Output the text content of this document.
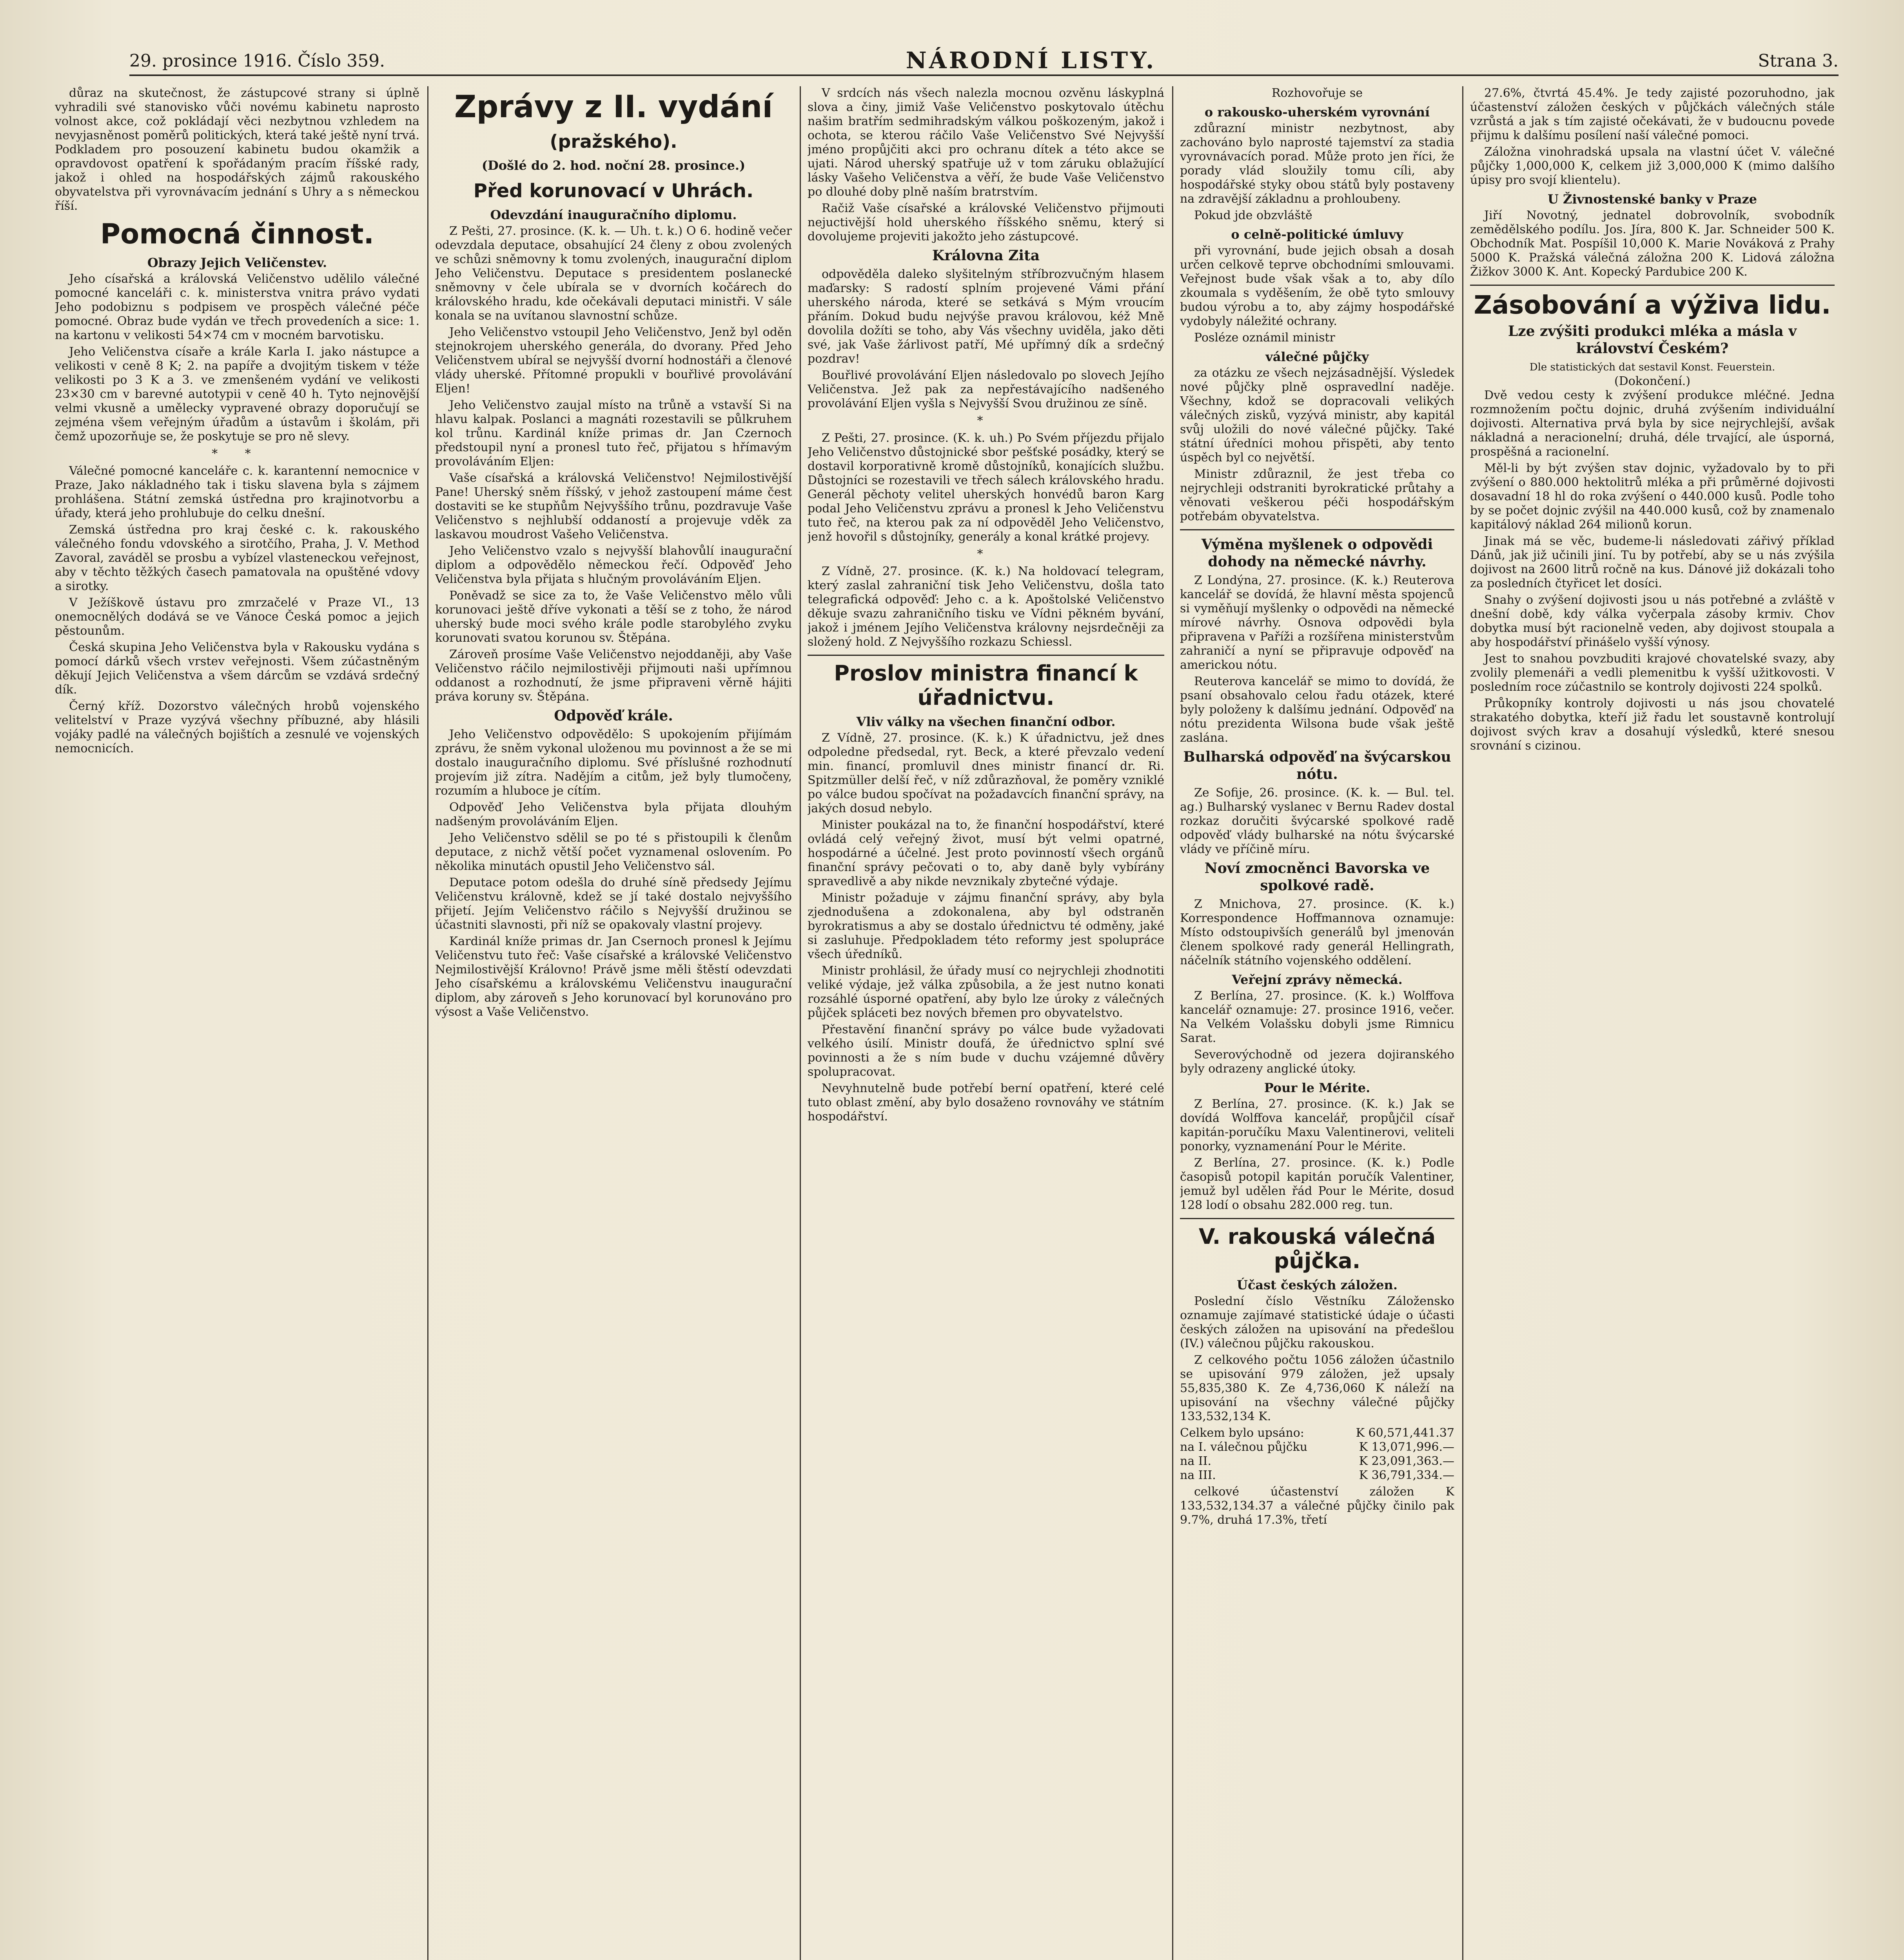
29. prosince 1916. Číslo 359.	NÁRODNÍ LISTY.	Strana 3.

důraz na skutečnost, že zástupcové strany si úplně vyhradili své stanovisko vůči novému kabinetu naprosto volnost akce, což pokládají věci nezbytnou vzhledem na nevyjasněnost poměrů politických, která také ještě nyní trvá. Podkladem pro posouzení kabinetu budou okamžik a opravdovost opatření k spořádaným pracím říšské rady, jakož i ohled na hospodářských zájmů rakouského obyvatelstva při vyrovnávacím jednání s Uhry a s německou říší.

Pomocná činnost.
Obrazy Jejich Veličenstev.

Jeho císařská a královská Veličenstvo udělilo válečné pomocné kanceláři c. k. ministerstva vnitra právo vydati Jeho podobiznu s podpisem ve prospěch válečné péče pomocné. Obraz bude vydán ve třech provedeních a sice: 1. na kartonu v velikosti 54×74 cm v mocném barvotisku.

Jeho Veličenstva císaře a krále Karla I. jako nástupce a velikosti v ceně 8 K; 2. na papíře a dvojitým tiskem v téže velikosti po 3 K a 3. ve zmenšeném vydání ve velikosti 23×30 cm v barevné autotypii v ceně 40 h. Tyto nejnovější velmi vkusně a umělecky vypravené obrazy doporučují se zejména všem veřejným úřadům a ústavům i školám, při čemž upozorňuje se, že poskytuje se pro ně slevy.

* *

Válečné pomocné kanceláře c. k. karantenní nemocnice v Praze, Jako nákladného tak i tisku slavena byla s zájmem prohlášena. Státní zemská ústředna pro krajinotvorbu a úřady, která jeho prohlubuje do celku dnešní.

Zemská ústředna pro kraj české c. k. rakouského válečného fondu vdovského a sirotčího, Praha, J. V. Method Zavoral, zaváděl se prosbu a vybízel vlasteneckou veřejnost, aby v těchto těžkých časech pamatovala na opuštěné vdovy a sirotky.

V Ježíškově ústavu pro zmrzačelé v Praze VI., 13 onemocnělých dodává se ve Vánoce Česká pomoc a jejich pěstounům.

Česká skupina Jeho Veličenstva byla v Rakousku vydána s pomocí dárků všech vrstev veřejnosti. Všem zúčastněným děkují Jejich Veličenstva a všem dárcům se vzdává srdečný dík.

Černý kříž. Dozorstvo válečných hrobů vojenského velitelství v Praze vyzývá všechny příbuzné, aby hlásili vojáky padlé na válečných bojištích a zesnulé ve vojenských nemocnicích.

Zprávy z II. vydání
(pražského).
(Došlé do 2. hod. noční 28. prosince.)
Před korunovací v Uhrách.
Odevzdání inauguračního diplomu.

Z Pešti, 27. prosince. (K. k. — Uh. t. k.) O 6. hodině večer odevzdala deputace, obsahující 24 členy z obou zvolených ve schůzi sněmovny k tomu zvolených, inaugurační diplom Jeho Veličenstvu. Deputace s presidentem poslanecké sněmovny v čele ubírala se v dvorních kočárech do královského hradu, kde očekávali deputaci ministři. V sále konala se na uvítanou slavnostní schůze.

Jeho Veličenstvo vstoupil Jeho Veličenstvo, Jenž byl oděn stejnokrojem uherského generála, do dvorany. Před Jeho Veličenstvem ubíral se nejvyšší dvorní hodnostáři a členové vlády uherské. Přítomné propukli v bouřlivé provolávání Eljen!

Jeho Veličenstvo zaujal místo na trůně a vstavší Si na hlavu kalpak. Poslanci a magnáti rozestavili se půlkruhem kol trůnu. Kardinál kníže primas dr. Jan Czernoch předstoupil nyní a pronesl tuto řeč, přijatou s hřímavým provoláváním Eljen:

Vaše císařská a královská Veličenstvo! Nejmilostivější Pane! Uherský sněm říšský, v jehož zastoupení máme čest dostaviti se ke stupňům Nejvyššího trůnu, pozdravuje Vaše Veličenstvo s nejhlubší oddaností a projevuje vděk za laskavou moudrost Vašeho Veličenstva.

Jeho Veličenstvo vzalo s nejvyšší blahovůlí inaugurační diplom a odpovědělo německou řečí. Odpověď Jeho Veličenstva byla přijata s hlučným provoláváním Eljen.

Poněvadž se sice za to, že Vaše Veličenstvo mělo vůli korunovaci ještě dříve vykonati a těší se z toho, že národ uherský bude moci svého krále podle starobylého zvyku korunovati svatou korunou sv. Štěpána.

Zároveň prosíme Vaše Veličenstvo nejoddaněji, aby Vaše Veličenstvo ráčilo nejmilostivěji přijmouti naši upřímnou oddanost a rozhodnutí, že jsme připraveni věrně hájiti práva koruny sv. Štěpána.

Odpověď krále.

Jeho Veličenstvo odpovědělo: S upokojením přijímám zprávu, že sněm vykonal uloženou mu povinnost a že se mi dostalo inauguračního diplomu. Své příslušné rozhodnutí projevím již zítra. Nadějím a citům, jež byly tlumočeny, rozumím a hluboce je cítím.

Odpověď Jeho Veličenstva byla přijata dlouhým nadšeným provoláváním Eljen.

Jeho Veličenstvo sdělil se po té s přistoupili k členům deputace, z nichž větší počet vyznamenal oslovením. Po několika minutách opustil Jeho Veličenstvo sál.

Deputace potom odešla do druhé síně předsedy Jejímu Veličenstvu královně, kdež se jí také dostalo nejvyššího přijetí. Jejím Veličenstvo ráčilo s Nejvyšší družinou se účastniti slavnosti, při níž se opakovaly vlastní projevy.

Kardinál kníže primas dr. Jan Csernoch pronesl k Jejímu Veličenstvu tuto řeč: Vaše císařské a královské Veličenstvo Nejmilostivější Královno! Právě jsme měli štěstí odevzdati Jeho císařskému a královskému Veličenstvu inaugurační diplom, aby zároveň s Jeho korunovací byl korunováno pro výsost a Vaše Veličenstvo.

V srdcích nás všech nalezla mocnou ozvěnu láskyplná slova a činy, jimiž Vaše Veličenstvo poskytovalo útěchu našim bratřím sedmihradským válkou poškozeným, jakož i ochota, se kterou ráčilo Vaše Veličenstvo Své Nejvyšší jméno propůjčiti akci pro ochranu dítek a této akce se ujati. Národ uherský spatřuje už v tom záruku oblažující lásky Vašeho Veličenstva a věří, že bude Vaše Veličenstvo po dlouhé doby plně naším bratrstvím.

Račiž Vaše císařské a královské Veličenstvo přijmouti nejuctivější hold uherského říšského sněmu, který si dovolujeme projeviti jakožto jeho zástupcové.

Královna Zita

odpověděla daleko slyšitelným stříbrozvučným hlasem maďarsky: S radostí splním projevené Vámi přání uherského národa, které se setkává s Mým vroucím přáním. Dokud budu nejvýše pravou královou, kéž Mně dovolila dožíti se toho, aby Vás všechny uviděla, jako děti své, jak Vaše žárlivost patří, Mé upřímný dík a srdečný pozdrav!

Bouřlivé provolávání Eljen následovalo po slovech Jejího Veličenstva. Jež pak za nepřestávajícího nadšeného provolávání Eljen vyšla s Nejvyšší Svou družinou ze síně.

*

Z Pešti, 27. prosince. (K. k. uh.) Po Svém příjezdu přijalo Jeho Veličenstvo důstojnické sbor pešťské posádky, který se dostavil korporativně kromě důstojníků, konajících službu. Důstojníci se rozestavili ve třech sálech královského hradu. Generál pěchoty velitel uherských honvédů baron Karg podal Jeho Veličenstvu zprávu a pronesl k Jeho Veličenstvu tuto řeč, na kterou pak za ní odpověděl Jeho Veličenstvo, jenž hovořil s důstojníky, generály a konal krátké projevy.

*

Z Vídně, 27. prosince. (K. k.) Na holdovací telegram, který zaslal zahraniční tisk Jeho Veličenstvu, došla tato telegrafická odpověď: Jeho c. a k. Apoštolské Veličenstvo děkuje svazu zahraničního tisku ve Vídni pěkném byvání, jakož i jménem Jejího Veličenstva královny nejsrdečněji za složený hold. Z Nejvyššího rozkazu Schiessl.

Proslov ministra financí k úřadnictvu.
Vliv války na všechen finanční odbor.

Z Vídně, 27. prosince. (K. k.) K úřadnictvu, jež dnes odpoledne předsedal, ryt. Beck, a které převzalo vedení min. financí, promluvil dnes ministr financí dr. Ri. Spitzmüller delší řeč, v níž zdůrazňoval, že poměry vzniklé po válce budou spočívat na požadavcích finanční správy, na jakých dosud nebylo.

Minister poukázal na to, že finanční hospodářství, které ovládá celý veřejný život, musí být velmi opatrné, hospodárné a účelné. Jest proto povinností všech orgánů finanční správy pečovati o to, aby daně byly vybírány spravedlivě a aby nikde nevznikaly zbytečné výdaje.

Ministr požaduje v zájmu finanční správy, aby byla zjednodušena a zdokonalena, aby byl odstraněn byrokratismus a aby se dostalo úřednictvu té odměny, jaké si zasluhuje. Předpokladem této reformy jest spolupráce všech úředníků.

Ministr prohlásil, že úřady musí co nejrychleji zhodnotiti veliké výdaje, jež válka způsobila, a že jest nutno konati rozsáhlé úsporné opatření, aby bylo lze úroky z válečných půjček spláceti bez nových břemen pro obyvatelstvo.

Přestavění finanční správy po válce bude vyžadovati velkého úsilí. Ministr doufá, že úřednictvo splní své povinnosti a že s ním bude v duchu vzájemné důvěry spolupracovat.

Nevyhnutelně bude potřebí berní opatření, které celé tuto oblast změní, aby bylo dosaženo rovnováhy ve státním hospodářství.

Rozhovořuje se
o rakousko-uherském vyrovnání

zdůrazní ministr nezbytnost, aby zachováno bylo naprosté tajemství za stadia vyrovnávacích porad. Může proto jen říci, že porady vlád sloužily tomu cíli, aby hospodářské styky obou států byly postaveny na zdravější základnu a prohloubeny.

Pokud jde obzvláště

o celně-politické úmluvy

při vyrovnání, bude jejich obsah a dosah určen celkově teprve obchodními smlouvami. Veřejnost bude však však a to, aby dílo zkoumala s vyděšením, že obě tyto smlouvy budou výrobu a to, aby zájmy hospodářské vydobyly náležité ochrany.

Posléze oznámil ministr

válečné půjčky

za otázku ze všech nejzásadnější. Výsledek nové půjčky plně ospravedlní naděje. Všechny, kdož se dopracovali velikých válečných zisků, vyzývá ministr, aby kapitál svůj uložili do nové válečné půjčky. Také státní úředníci mohou přispěti, aby tento úspěch byl co největší.

Ministr zdůraznil, že jest třeba co nejrychleji odstraniti byrokratické průtahy a věnovati veškerou péči hospodářským potřebám obyvatelstva.

Výměna myšlenek o odpovědi dohody na německé návrhy.

Z Londýna, 27. prosince. (K. k.) Reuterova kancelář se dovídá, že hlavní města spojenců si vyměňují myšlenky o odpovědi na německé mírové návrhy. Osnova odpovědi byla připravena v Paříži a rozšířena ministerstvům zahraničí a nyní se připravuje odpověď na americkou nótu.

Reuterova kancelář se mimo to dovídá, že psaní obsahovalo celou řadu otázek, které byly položeny k dalšímu jednání. Odpověď na nótu prezidenta Wilsona bude však ještě zaslána.

Bulharská odpověď na švýcarskou nótu.

Ze Sofije, 26. prosince. (K. k. — Bul. tel. ag.) Bulharský vyslanec v Bernu Radev dostal rozkaz doručiti švýcarské spolkové radě odpověď vlády bulharské na nótu švýcarské vlády ve příčině míru.

Noví zmocněnci Bavorska ve spolkové radě.

Z Mnichova, 27. prosince. (K. k.) Korrespondence Hoffmannova oznamuje: Místo odstoupivších generálů byl jmenován členem spolkové rady generál Hellingrath, náčelník státního vojenského oddělení.

Veřejní zprávy německá.

Z Berlína, 27. prosince. (K. k.) Wolffova kancelář oznamuje: 27. prosince 1916, večer. Na Velkém Volašsku dobyli jsme Rimnicu Sarat.

Severovýchodně od jezera dojiranského byly odrazeny anglické útoky.

Pour le Mérite.

Z Berlína, 27. prosince. (K. k.) Jak se dovídá Wolffova kancelář, propůjčil císař kapitán-poručíku Maxu Valentinerovi, veliteli ponorky, vyznamenání Pour le Mérite.

Z Berlína, 27. prosince. (K. k.) Podle časopisů potopil kapitán poručík Valentiner, jemuž byl udělen řád Pour le Mérite, dosud 128 lodí o obsahu 282.000 reg. tun.

V. rakouská válečná půjčka.
Účast českých záložen.

Poslední číslo Věstníku Záložensko oznamuje zajímavé statistické údaje o účasti českých záložen na upisování na předešlou (IV.) válečnou půjčku rakouskou.

Z celkového počtu 1056 záložen účastnilo se upisování 979 záložen, jež upsaly 55,835,380 K. Ze 4,736,060 K náleží na upisování na všechny válečné půjčky 133,532,134 K.

Celkem bylo upsáno:	K 60,571,441.37
na I. válečnou půjčku	K 13,071,996.—
na II.	K 23,091,363.—
na III.	K 36,791,334.—

celkové účastenství záložen K 133,532,134.37 a válečné půjčky činilo pak 9.7%, druhá 17.3%, třetí

27.6%, čtvrtá 45.4%. Je tedy zajisté pozoruhodno, jak účastenství záložen českých v půjčkách válečných stále vzrůstá a jak s tím zajisté očekávati, že v budoucnu povede přijmu k dalšímu posílení naší válečné pomoci.

Záložna vinohradská upsala na vlastní účet V. válečné půjčky 1,000,000 K, celkem již 3,000,000 K (mimo dalšího úpisy pro svojí klientelu).

U Živnostenské banky v Praze

Jiří Novotný, jednatel dobrovolník, svobodník zemědělského podílu. Jos. Jíra, 800 K. Jar. Schneider 500 K. Obchodník Mat. Pospíšil 10,000 K. Marie Nováková z Prahy 5000 K. Pražská válečná záložna 200 K. Lidová záložna Žižkov 3000 K. Ant. Kopecký Pardubice 200 K.

Zásobování a výživa lidu.
Lze zvýšiti produkci mléka a másla v království Českém?
Dle statistických dat sestavil Konst. Feuerstein.
(Dokončení.)

Dvě vedou cesty k zvýšení produkce mléčné. Jedna rozmnožením počtu dojnic, druhá zvýšením individuální dojivosti. Alternativa prvá byla by sice nejrychlejší, avšak nákladná a neracionelní; druhá, déle trvající, ale úsporná, prospěšná a racionelní.

Měl-li by být zvýšen stav dojnic, vyžadovalo by to při zvýšení o 880.000 hektolitrů mléka a při průměrné dojivosti dosavadní 18 hl do roka zvýšení o 440.000 kusů. Podle toho by se počet dojnic zvýšil na 440.000 kusů, což by znamenalo kapitálový náklad 264 milionů korun.

Jinak má se věc, budeme-li následovati zářivý příklad Dánů, jak již učinili jiní. Tu by potřebí, aby se u nás zvýšila dojivost na 2600 litrů ročně na kus. Dánové již dokázali toho za posledních čtyřicet let dosíci.

Snahy o zvýšení dojivosti jsou u nás potřebné a zvláště v dnešní době, kdy válka vyčerpala zásoby krmiv. Chov dobytka musí být racionelně veden, aby dojivost stoupala a aby hospodářství přinášelo vyšší výnosy.

Jest to snahou povzbuditi krajové chovatelské svazy, aby zvolily plemenáři a vedli plemenitbu k vyšší užitkovosti. V posledním roce zúčastnilo se kontroly dojivosti 224 spolků.

Průkopníky kontroly dojivosti u nás jsou chovatelé strakatého dobytka, kteří již řadu let soustavně kontrolují dojivost svých krav a dosahují výsledků, které snesou srovnání s cizinou.
